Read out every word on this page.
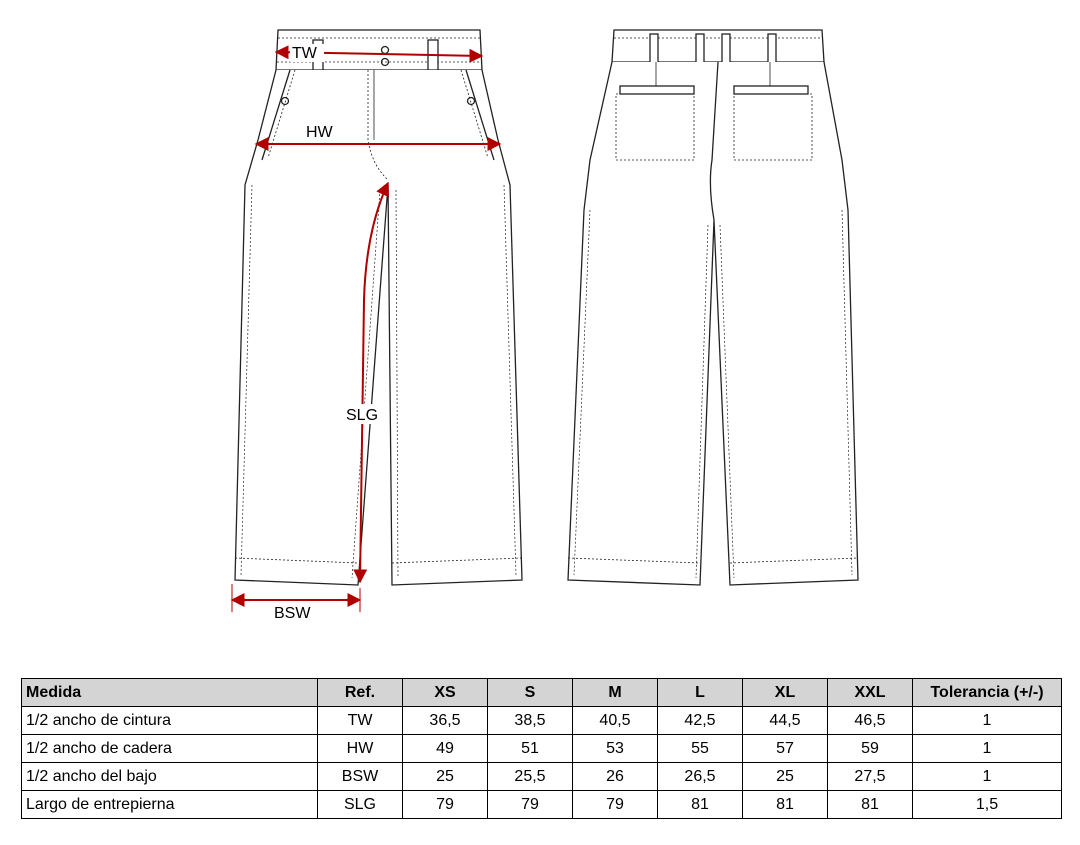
TW
HW
SLG
BSW
Medida	Ref.	XS	S	M	L	XL	XXL	Tolerancia (+/-)
1/2 ancho de cintura	TW	36,5	38,5	40,5	42,5	44,5	46,5	1
1/2 ancho de cadera	HW	49	51	53	55	57	59	1
1/2 ancho del bajo	BSW	25	25,5	26	26,5	25	27,5	1
Largo de entrepierna	SLG	79	79	79	81	81	81	1,5
